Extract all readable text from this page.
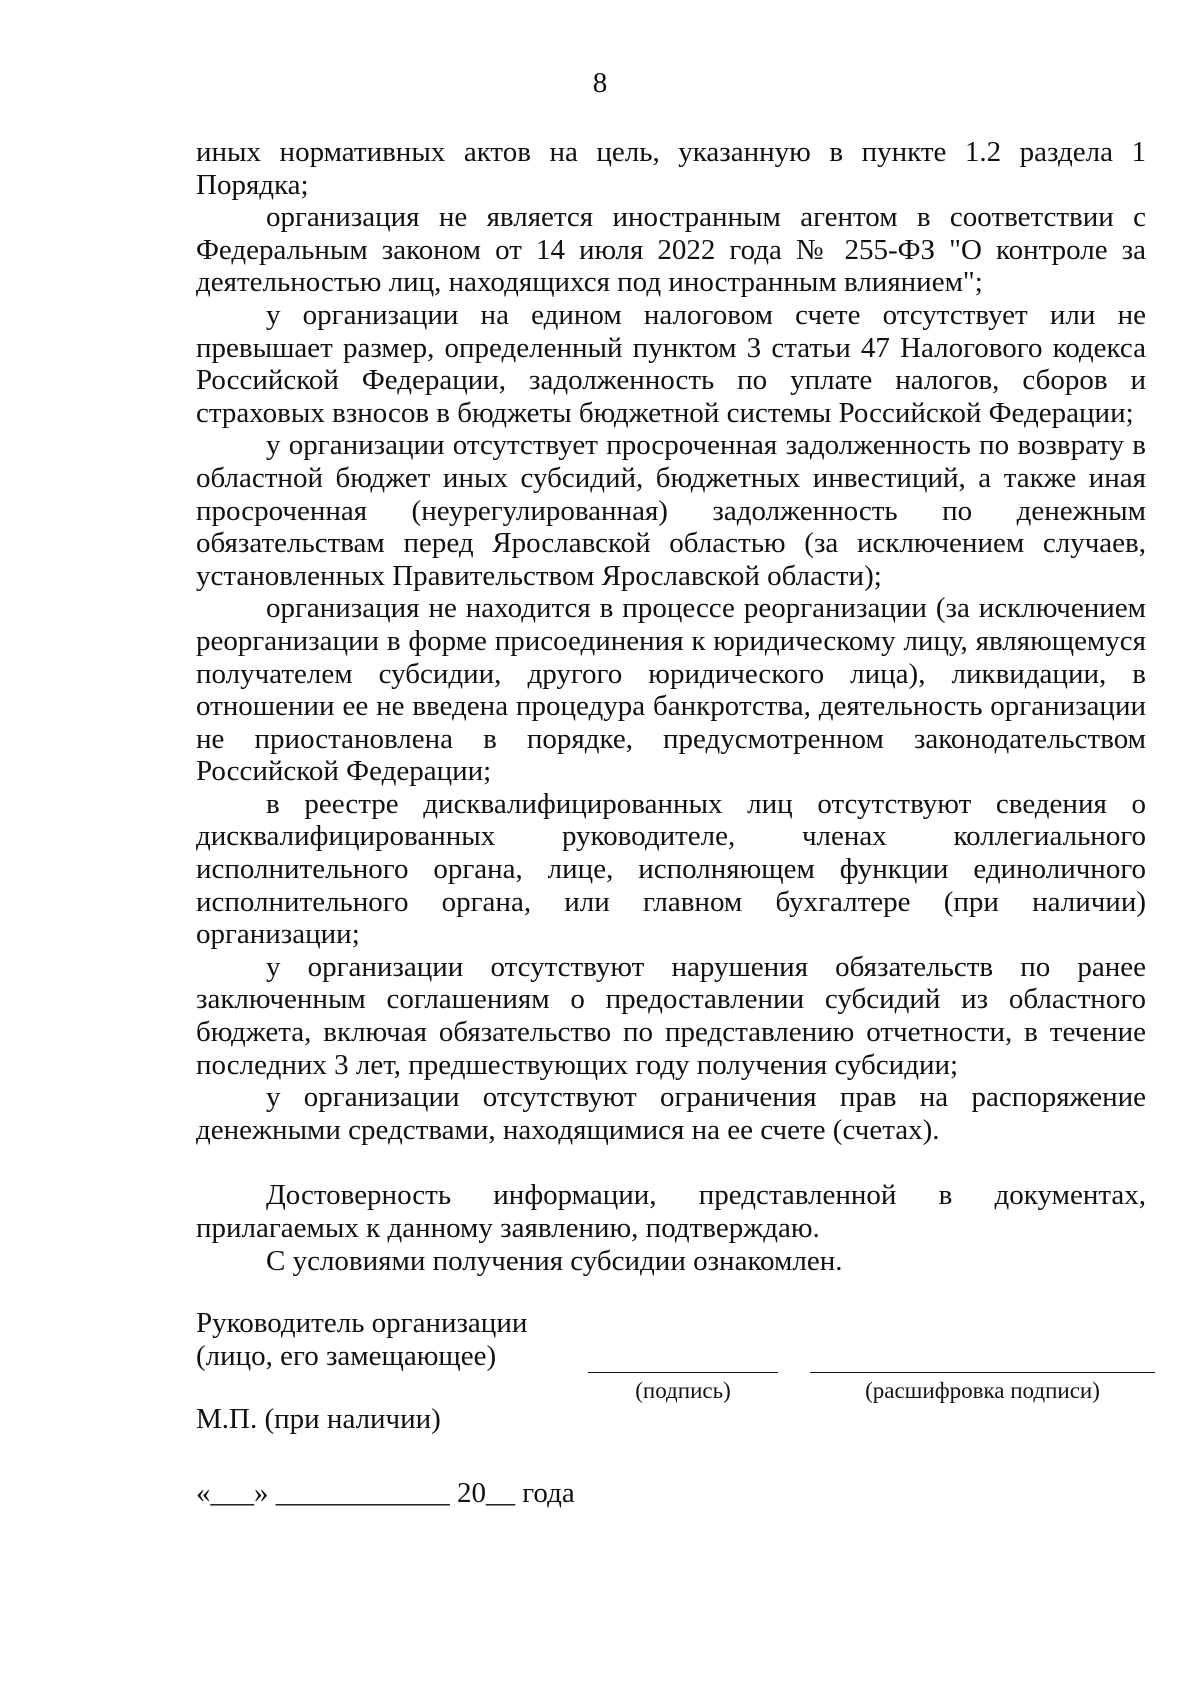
8

иных нормативных актов на цель, указанную в пункте 1.2 раздела 1 Порядка;

организация не является иностранным агентом в соответствии с Федеральным законом от 14 июля 2022 года № 255-ФЗ "О контроле за деятельностью лиц, находящихся под иностранным влиянием";

у организации на едином налоговом счете отсутствует или не превышает размер, определенный пунктом 3 статьи 47 Налогового кодекса Российской Федерации, задолженность по уплате налогов, сборов и страховых взносов в бюджеты бюджетной системы Российской Федерации;

у организации отсутствует просроченная задолженность по возврату в областной бюджет иных субсидий, бюджетных инвестиций, а также иная просроченная (неурегулированная) задолженность по денежным обязательствам перед Ярославской областью (за исключением случаев, установленных Правительством Ярославской области);

организация не находится в процессе реорганизации (за исключением реорганизации в форме присоединения к юридическому лицу, являющемуся получателем субсидии, другого юридического лица), ликвидации, в отношении ее не введена процедура банкротства, деятельность организации не приостановлена в порядке, предусмотренном законодательством Российской Федерации;

в реестре дисквалифицированных лиц отсутствуют сведения о дисквалифицированных руководителе, членах коллегиального исполнительного органа, лице, исполняющем функции единоличного исполнительного органа, или главном бухгалтере (при наличии) организации;

у организации отсутствуют нарушения обязательств по ранее заключенным соглашениям о предоставлении субсидий из областного бюджета, включая обязательство по представлению отчетности, в течение последних 3 лет, предшествующих году получения субсидии;

у организации отсутствуют ограничения прав на распоряжение денежными средствами, находящимися на ее счете (счетах).

Достоверность информации, представленной в документах, прилагаемых к данному заявлению, подтверждаю.

С условиями получения субсидии ознакомлен.

Руководитель организации
(лицо, его замещающее)
(подпись)	(расшифровка подписи)
М.П. (при наличии)
«___» ____________ 20__ года
